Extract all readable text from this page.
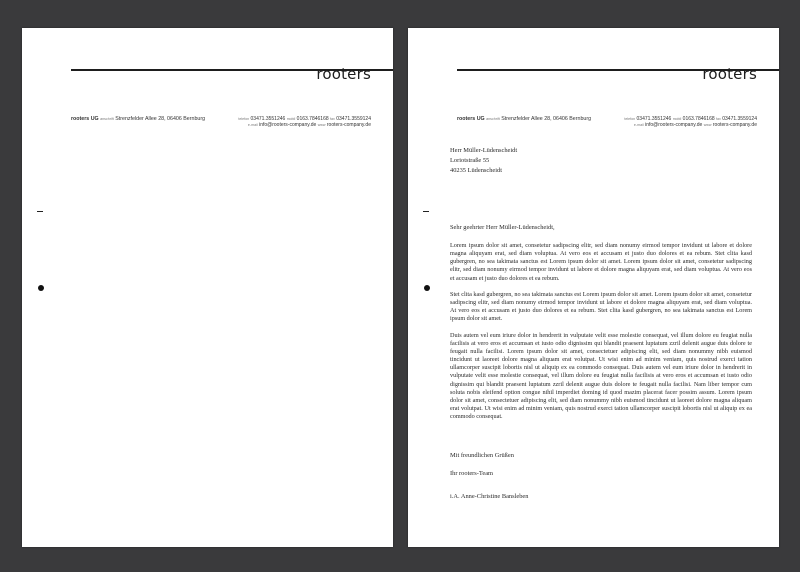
rooters
rooters UG anschrift Strenzfelder Allee 28, 06406 Bernburg	telefon 03471.3551246 mobil 0163.7846168 fax 03471.3559124
e-mail info@rooters-company.de www rooters-company.de
rooters
rooters UG anschrift Strenzfelder Allee 28, 06406 Bernburg	telefon 03471.3551246 mobil 0163.7846168 fax 03471.3559124
e-mail info@rooters-company.de www rooters-company.de
Herr Müller-Lüdenscheidt
Loriotstraße 55
40235 Lüdenscheidt
Sehr geehrter Herr Müller-Lüdenscheidt,

Lorem ipsum dolor sit amet, consetetur sadipscing elitr, sed diam nonumy eirmod tempor invidunt ut labore et dolore magna aliquyam erat, sed diam voluptua. At vero eos et accusam et justo duo dolores et ea rebum. Stet clita kasd gubergren, no sea takimata sanctus est Lorem ipsum dolor sit amet. Lorem ipsum dolor sit amet, consetetur sadipscing elitr, sed diam nonumy eirmod tempor invidunt ut labore et dolore magna aliquyam erat, sed diam voluptua. At vero eos et accusam et justo duo dolores et ea rebum.

Stet clita kasd gubergren, no sea takimata sanctus est Lorem ipsum dolor sit amet. Lorem ipsum dolor sit amet, consetetur sadipscing elitr, sed diam nonumy eirmod tempor invidunt ut labore et dolore magna aliquyam erat, sed diam voluptua. At vero eos et accusam et justo duo dolores et ea rebum. Stet clita kasd gubergren, no sea takimata sanctus est Lorem ipsum dolor sit amet.

Duis autem vel eum iriure dolor in hendrerit in vulputate velit esse molestie consequat, vel illum dolore eu feugiat nulla facilisis at vero eros et accumsan et iusto odio dignissim qui blandit praesent luptatum zzril delenit augue duis dolore te feugait nulla facilisi. Lorem ipsum dolor sit amet, consectetuer adipiscing elit, sed diam nonummy nibh euismod tincidunt ut laoreet dolore magna aliquam erat volutpat. Ut wisi enim ad minim veniam, quis nostrud exerci tation ullamcorper suscipit lobortis nisl ut aliquip ex ea commodo consequat. Duis autem vel eum iriure dolor in hendrerit in vulputate velit esse molestie consequat, vel illum dolore eu feugiat nulla facilisis at vero eros et accumsan et iusto odio dignissim qui blandit praesent luptatum zzril delenit augue duis dolore te feugait nulla facilisi. Nam liber tempor cum soluta nobis eleifend option congue nihil imperdiet doming id quod mazim placerat facer possim assum. Lorem ipsum dolor sit amet, consectetuer adipiscing elit, sed diam nonummy nibh euismod tincidunt ut laoreet dolore magna aliquam erat volutpat. Ut wisi enim ad minim veniam, quis nostrud exerci tation ullamcorper suscipit lobortis nisl ut aliquip ex ea commodo consequat.

Mit freundlichen Grüßen
Ihr rooters-Team
i.A. Anne-Christine Bansleben
